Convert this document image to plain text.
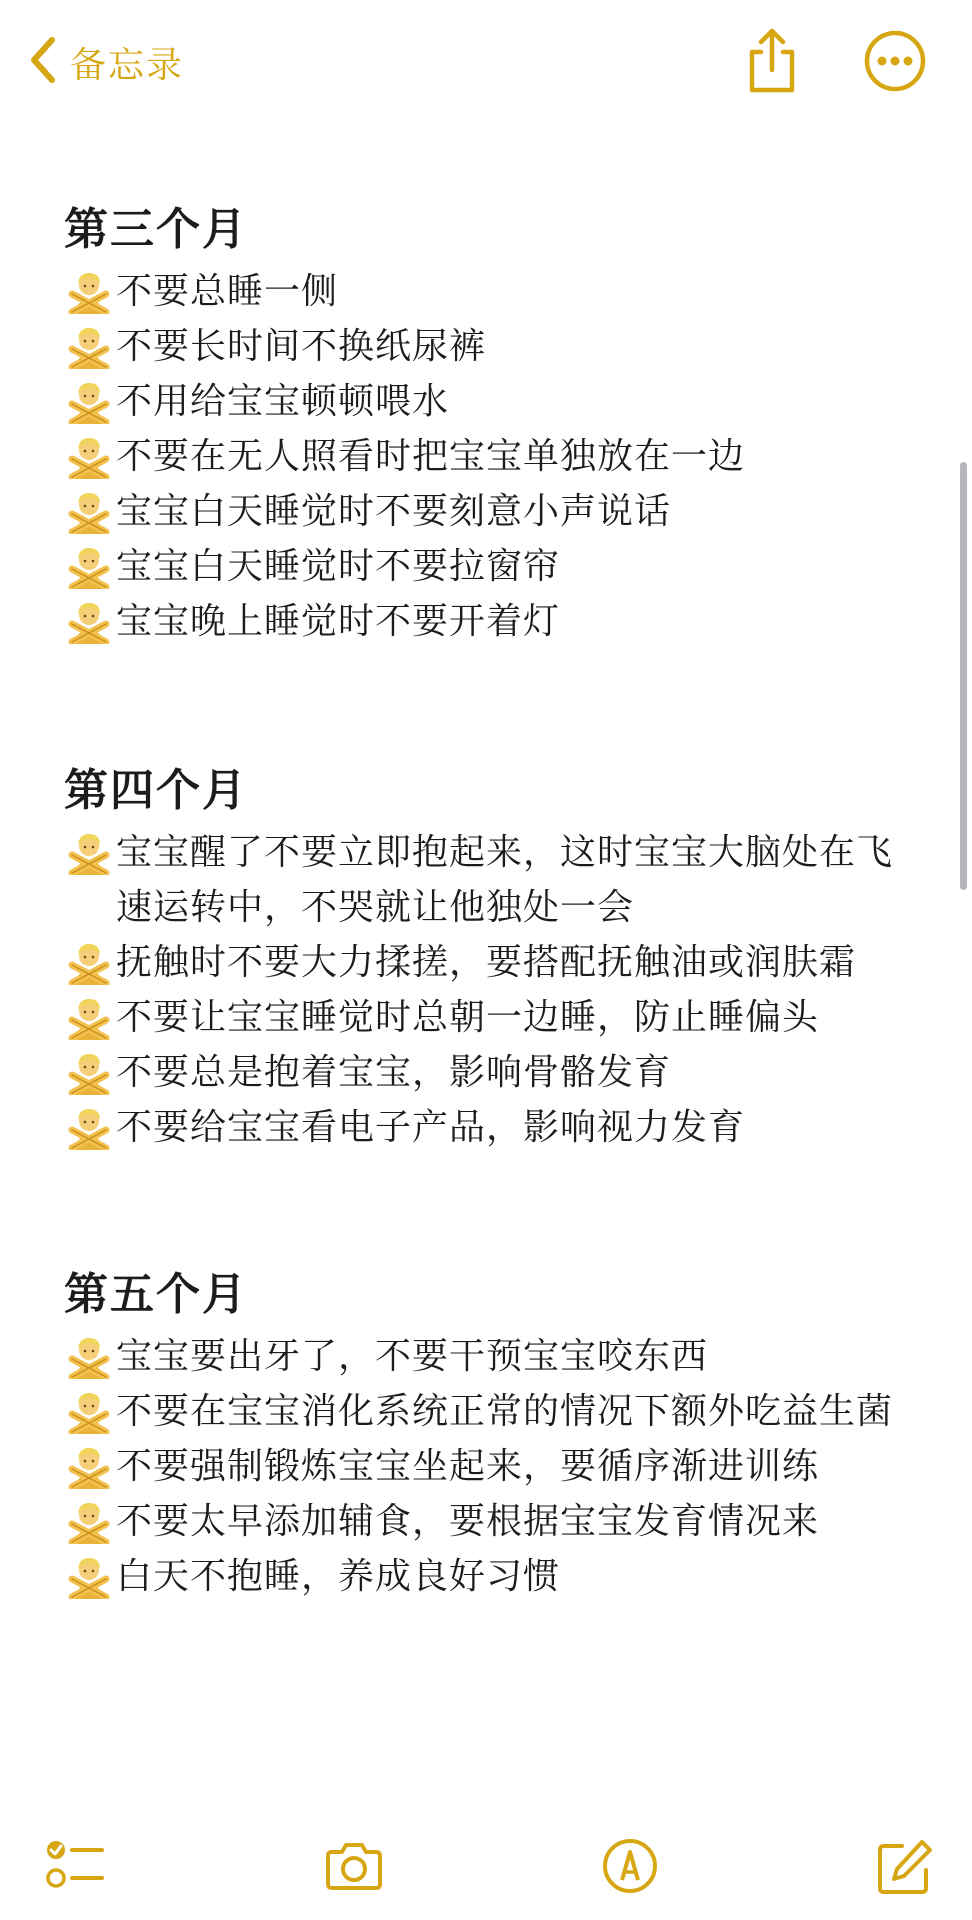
备忘录
第三个月
不要总睡一侧
不要长时间不换纸尿裤
不用给宝宝顿顿喂水
不要在无人照看时把宝宝单独放在一边
宝宝白天睡觉时不要刻意小声说话
宝宝白天睡觉时不要拉窗帘
宝宝晚上睡觉时不要开着灯
第四个月
宝宝醒了不要立即抱起来，这时宝宝大脑处在飞速运转中，不哭就让他独处一会
抚触时不要大力揉搓，要搭配抚触油或润肤霜
不要让宝宝睡觉时总朝一边睡，防止睡偏头
不要总是抱着宝宝，影响骨骼发育
不要给宝宝看电子产品，影响视力发育
第五个月
宝宝要出牙了，不要干预宝宝咬东西
不要在宝宝消化系统正常的情况下额外吃益生菌
不要强制锻炼宝宝坐起来，要循序渐进训练
不要太早添加辅食，要根据宝宝发育情况来
白天不抱睡，养成良好习惯
